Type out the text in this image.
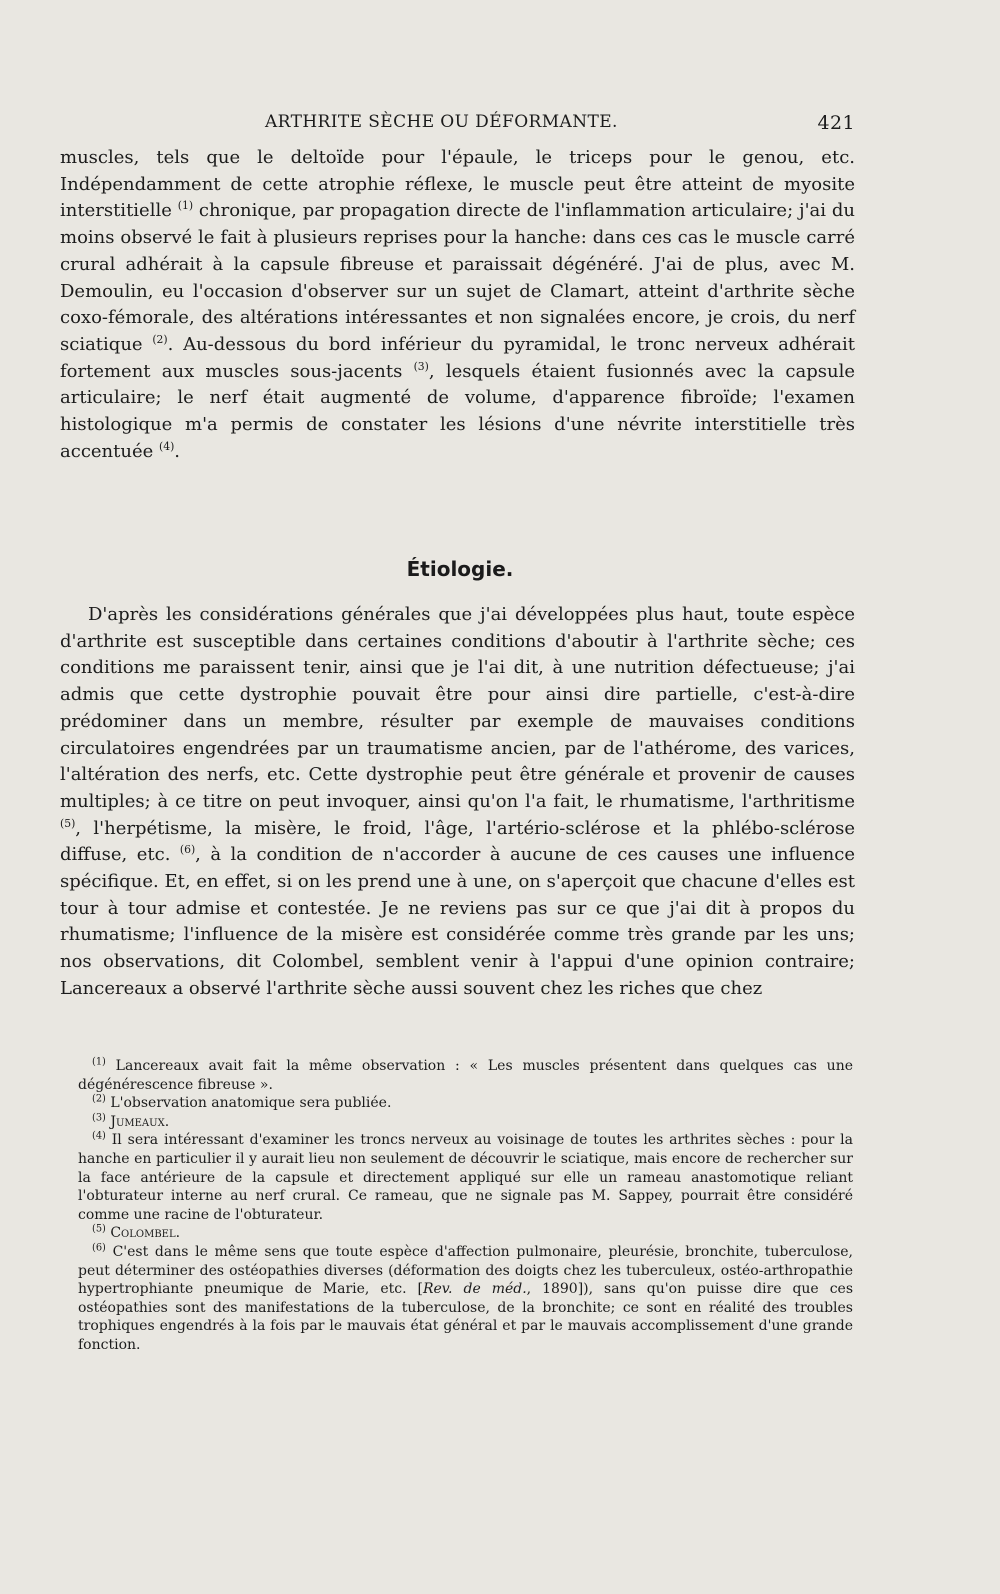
ARTHRITE SÈCHE OU DÉFORMANTE.	421

muscles, tels que le deltoïde pour l'épaule, le triceps pour le genou, etc. Indépendamment de cette atrophie réflexe, le muscle peut être atteint de myosite interstitielle $^{(1)}$ chronique, par propagation directe de l'inflammation articulaire; j'ai du moins observé le fait à plusieurs reprises pour la hanche: dans ces cas le muscle carré crural adhérait à la capsule fibreuse et paraissait dégénéré. J'ai de plus, avec M. Demoulin, eu l'occasion d'observer sur un sujet de Clamart, atteint d'arthrite sèche coxo-fémorale, des altérations intéressantes et non signalées encore, je crois, du nerf sciatique $^{(2)}$. Au-dessous du bord inférieur du pyramidal, le tronc nerveux adhérait fortement aux muscles sous-jacents $^{(3)}$, lesquels étaient fusionnés avec la capsule articulaire; le nerf était augmenté de volume, d'apparence fibroïde; l'examen histologique m'a permis de constater les lésions d'une névrite interstitielle très accentuée $^{(4)}$.

Étiologie.

D'après les considérations générales que j'ai développées plus haut, toute espèce d'arthrite est susceptible dans certaines conditions d'aboutir à l'arthrite sèche; ces conditions me paraissent tenir, ainsi que je l'ai dit, à une nutrition défectueuse; j'ai admis que cette dystrophie pouvait être pour ainsi dire partielle, c'est-à-dire prédominer dans un membre, résulter par exemple de mauvaises conditions circulatoires engendrées par un traumatisme ancien, par de l'athérome, des varices, l'altération des nerfs, etc. Cette dystrophie peut être générale et provenir de causes multiples; à ce titre on peut invoquer, ainsi qu'on l'a fait, le rhumatisme, l'arthritisme $^{(5)}$, l'herpétisme, la misère, le froid, l'âge, l'artério-sclérose et la phlébo-sclérose diffuse, etc. $^{(6)}$, à la condition de n'accorder à aucune de ces causes une influence spécifique. Et, en effet, si on les prend une à une, on s'aperçoit que chacune d'elles est tour à tour admise et contestée. Je ne reviens pas sur ce que j'ai dit à propos du rhumatisme; l'influence de la misère est considérée comme très grande par les uns; nos observations, dit Colombel, semblent venir à l'appui d'une opinion contraire; Lancereaux a observé l'arthrite sèche aussi souvent chez les riches que chez

$^{(1)}$ Lancereaux avait fait la même observation : « Les muscles présentent dans quelques cas une dégénérescence fibreuse ».

$^{(2)}$ L'observation anatomique sera publiée.

$^{(3)}$ Jumeaux.

$^{(4)}$ Il sera intéressant d'examiner les troncs nerveux au voisinage de toutes les arthrites sèches : pour la hanche en particulier il y aurait lieu non seulement de découvrir le sciatique, mais encore de rechercher sur la face antérieure de la capsule et directement appliqué sur elle un rameau anastomotique reliant l'obturateur interne au nerf crural. Ce rameau, que ne signale pas M. Sappey, pourrait être considéré comme une racine de l'obturateur.

$^{(5)}$ Colombel.

$^{(6)}$ C'est dans le même sens que toute espèce d'affection pulmonaire, pleurésie, bronchite, tuberculose, peut déterminer des ostéopathies diverses (déformation des doigts chez les tuberculeux, ostéo-arthropathie hypertrophiante pneumique de Marie, etc. [Rev. de méd., 1890]), sans qu'on puisse dire que ces ostéopathies sont des manifestations de la tuberculose, de la bronchite; ce sont en réalité des troubles trophiques engendrés à la fois par le mauvais état général et par le mauvais accomplissement d'une grande fonction.
